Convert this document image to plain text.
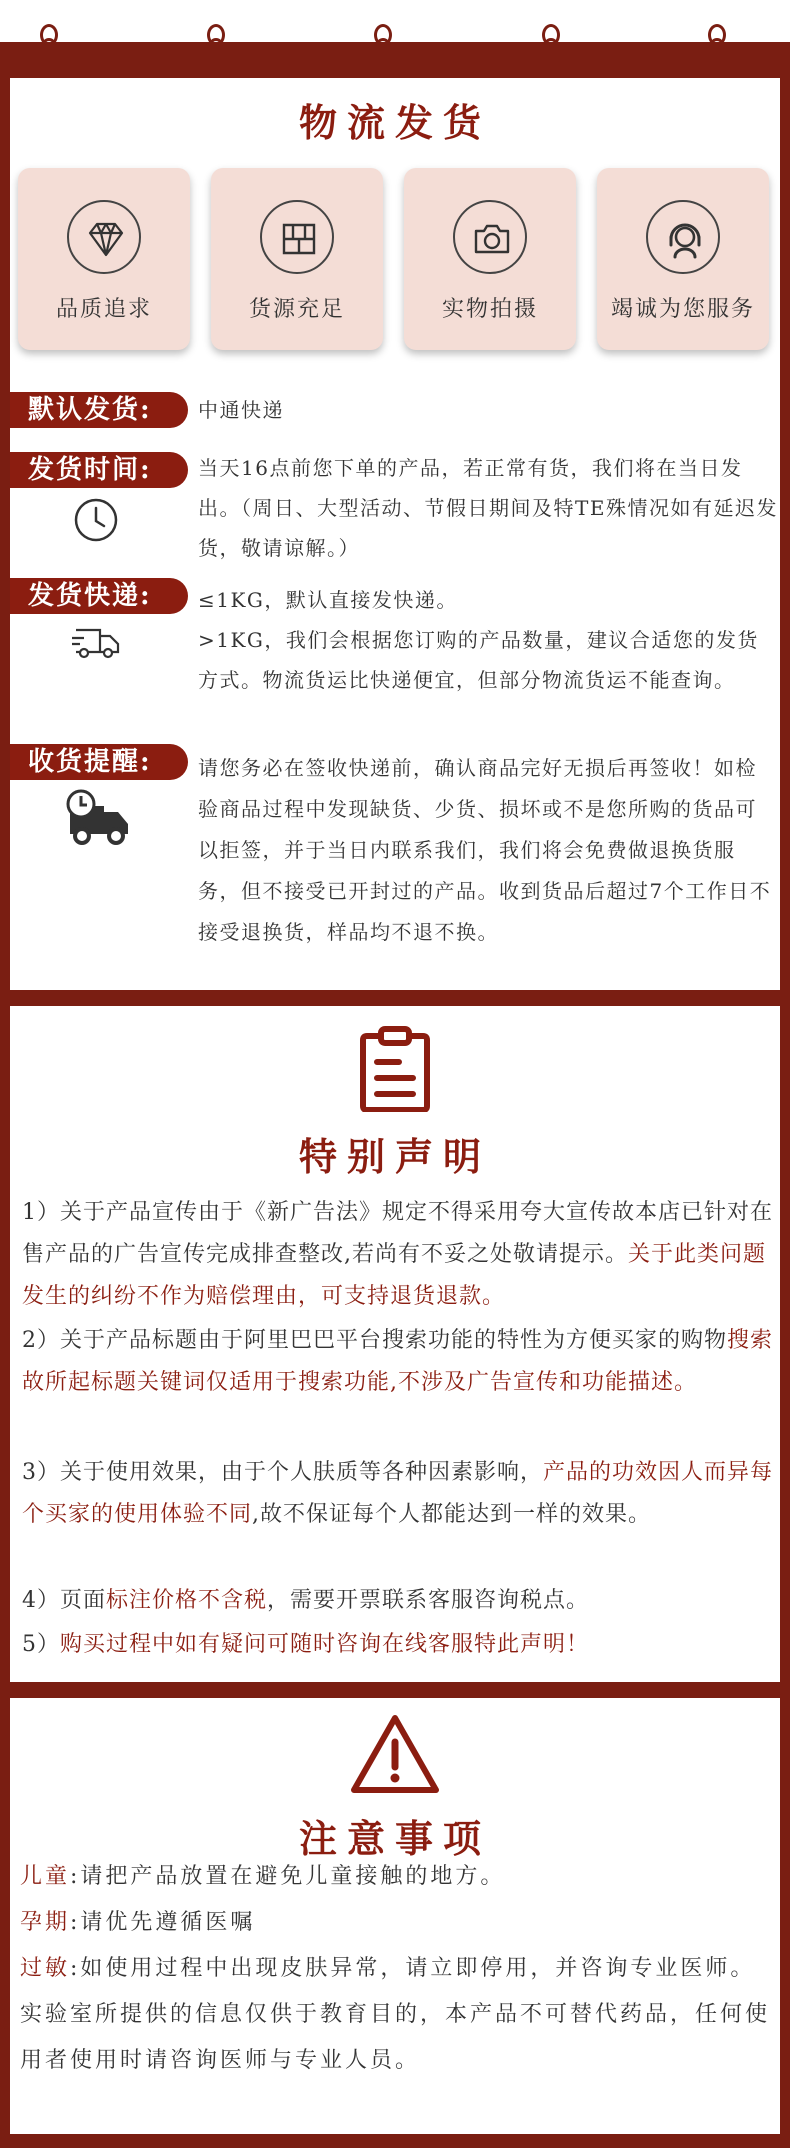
物流发货
品质追求	货源充足	实物拍摄	竭诚为您服务
默认发货:	中通快递
发货时间:	当天16点前您下单的产品，若正常有货，我们将在当日发出。（周日、大型活动、节假日期间及特TE殊情况如有延迟发货，敬请谅解。）
发货快递:	≤1KG，默认直接发快递。
>1KG，我们会根据您订购的产品数量，建议合适您的发货方式。物流货运比快递便宜，但部分物流货运不能查询。
收货提醒:	请您务必在签收快递前，确认商品完好无损后再签收！如检验商品过程中发现缺货、少货、损坏或不是您所购的货品可以拒签，并于当日内联系我们，我们将会免费做退换货服务，但不接受已开封过的产品。收到货品后超过7个工作日不接受退换货，样品均不退不换。
特别声明
1）关于产品宣传由于《新广告法》规定不得采用夸大宣传故本店已针对在售产品的广告宣传完成排查整改,若尚有不妥之处敬请提示。关于此类问题发生的纠纷不作为赔偿理由，可支持退货退款。
2）关于产品标题由于阿里巴巴平台搜索功能的特性为方便买家的购物搜索故所起标题关键词仅适用于搜索功能,不涉及广告宣传和功能描述。
3）关于使用效果，由于个人肤质等各种因素影响，产品的功效因人而异每个买家的使用体验不同,故不保证每个人都能达到一样的效果。
4）页面标注价格不含税，需要开票联系客服咨询税点。
5）购买过程中如有疑问可随时咨询在线客服特此声明！
注意事项
儿童:请把产品放置在避免儿童接触的地方。
孕期:请优先遵循医嘱
过敏:如使用过程中出现皮肤异常，请立即停用，并咨询专业医师。实验室所提供的信息仅供于教育目的，本产品不可替代药品，任何使用者使用时请咨询医师与专业人员。
